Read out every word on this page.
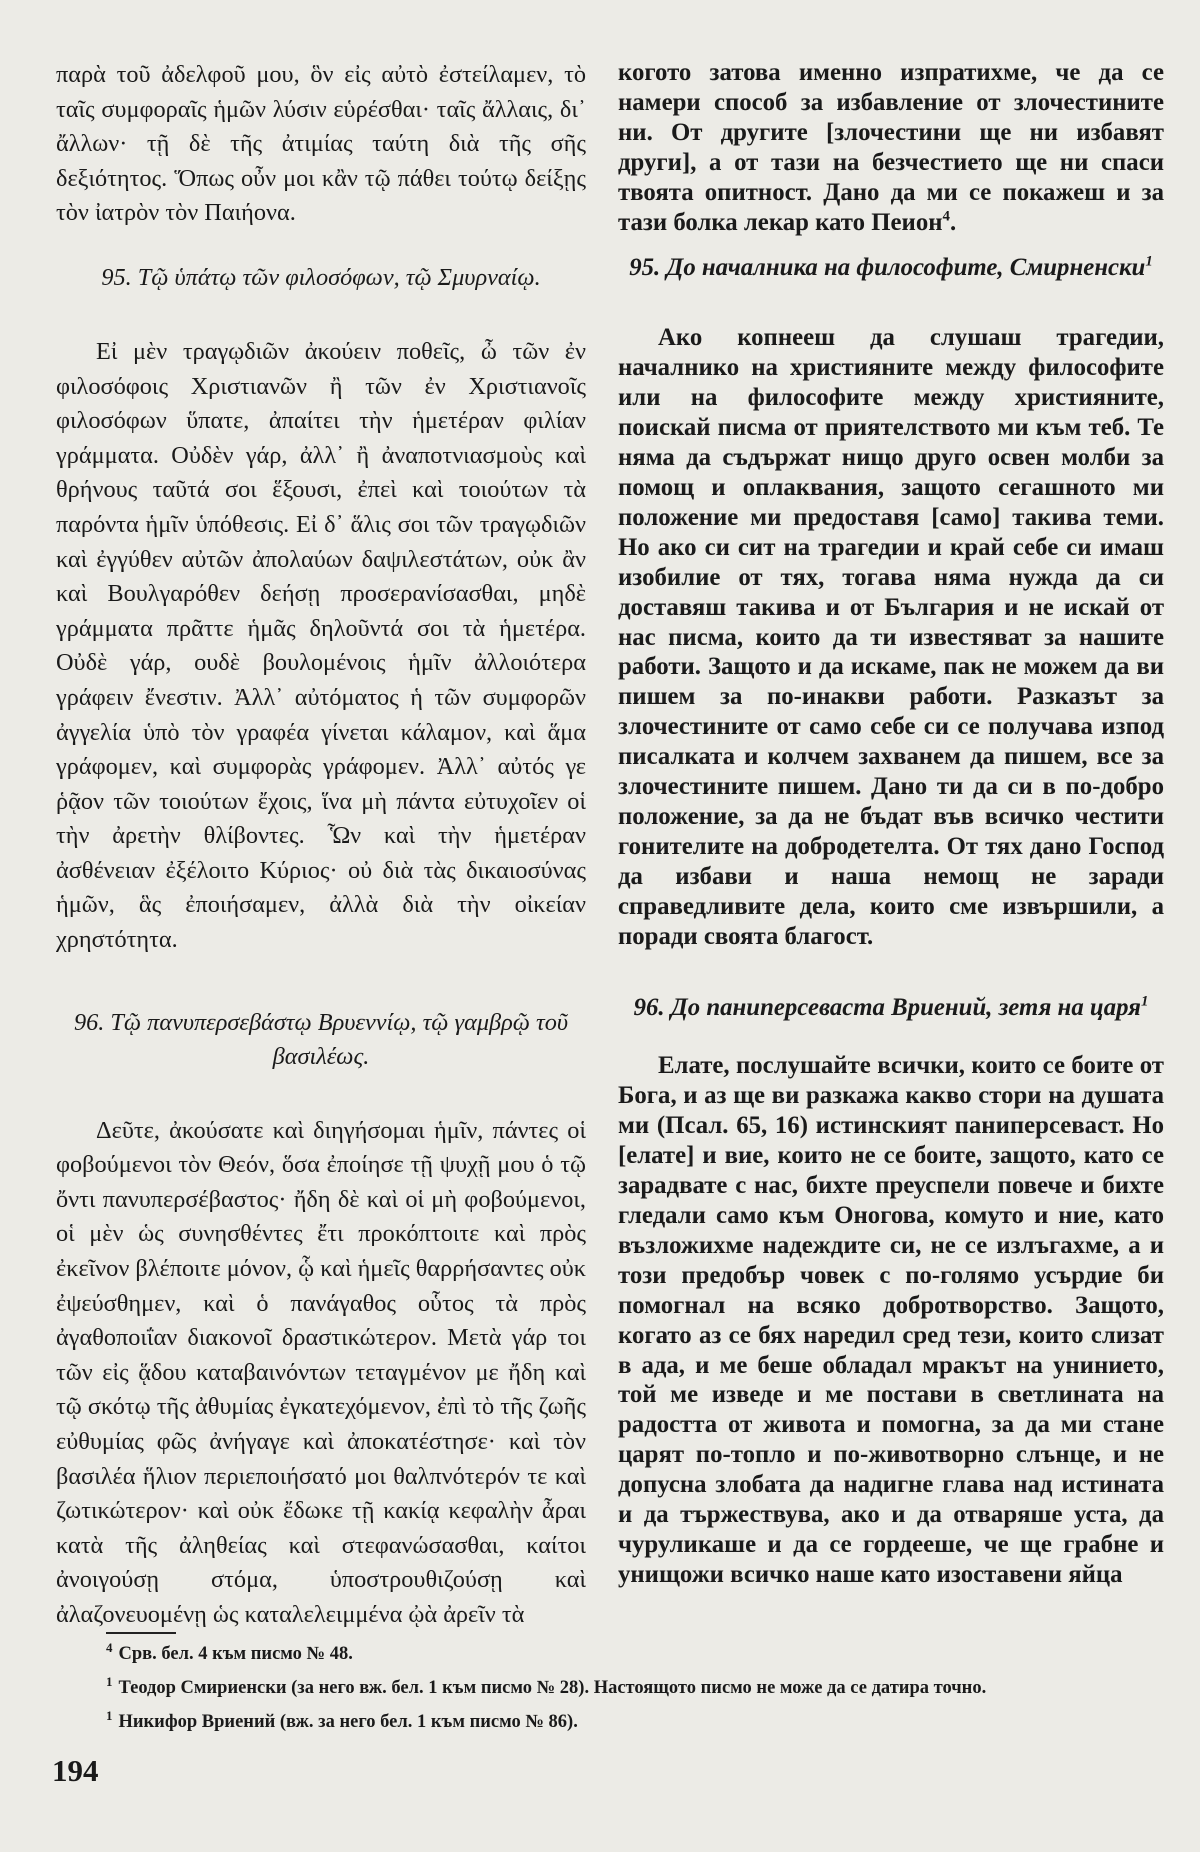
παρὰ τοῦ ἀδελφοῦ μου, ὃν εἰς αὐτὸ ἐστείλαμεν, τὸ ταῖς συμφοραῖς ἡμῶν λύσιν εὑρέσθαι· ταῖς ἄλλαις, δι᾽ ἄλλων· τῇ δὲ τῆς ἀτιμίας ταύτη διὰ τῆς σῆς δεξιότητος. Ὅπως οὖν μοι κἂν τῷ πάθει τούτῳ δείξῃς τὸν ἰατρὸν τὸν Παιήονα.

95. Τῷ ὑπάτῳ τῶν φιλοσόφων, τῷ Σμυρναίῳ.

Εἰ μὲν τραγῳδιῶν ἀκούειν ποθεῖς, ὦ τῶν ἐν φιλοσόφοις Χριστιανῶν ἢ τῶν ἐν Χριστιανοῖς φιλοσόφων ὕπατε, ἀπαίτει τὴν ἡμετέραν φιλίαν γράμματα. Οὐδὲν γάρ, ἀλλ᾽ ἢ ἀναποτνιασμοὺς καὶ θρήνους ταῦτά σοι ἕξουσι, ἐπεὶ καὶ τοιούτων τὰ παρόντα ἡμῖν ὑπόθεσις. Εἰ δ᾽ ἅλις σοι τῶν τραγῳδιῶν καὶ ἐγγύθεν αὐτῶν ἀπολαύων δαψιλεστάτων, οὐκ ἂν καὶ Βουλγαρόθεν δεήσῃ προσερανίσασθαι, μηδὲ γράμματα πρᾶττε ἡμᾶς δηλοῦντά σοι τὰ ἡμετέρα. Οὐδὲ γάρ, ουδὲ βουλομένοις ἡμῖν ἀλλοιότερα γράφειν ἔνεστιν. Ἀλλ᾽ αὐτόματος ἡ τῶν συμφορῶν ἀγγελία ὑπὸ τὸν γραφέα γίνεται κάλαμον, καὶ ἅμα γράφομεν, καὶ συμφορὰς γράφομεν. Ἀλλ᾽ αὐτός γε ῥᾷον τῶν τοιούτων ἔχοις, ἵνα μὴ πάντα εὐτυχοῖεν οἱ τὴν ἀρετὴν θλίβοντες. Ὧν καὶ τὴν ἡμετέραν ἀσθένειαν ἐξέλοιτο Κύριος· οὐ διὰ τὰς δικαιοσύνας ἡμῶν, ἃς ἐποιήσαμεν, ἀλλὰ διὰ τὴν οἰκείαν χρηστότητα.

96. Τῷ πανυπερσεβάστῳ Βρυεννίῳ, τῷ γαμβρῷ τοῦ βασιλέως.

Δεῦτε, ἀκούσατε καὶ διηγήσομαι ἡμῖν, πάντες οἱ φοβούμενοι τὸν Θεόν, ὅσα ἐποίησε τῇ ψυχῇ μου ὁ τῷ ὄντι πανυπερσέβαστος· ἤδη δὲ καὶ οἱ μὴ φοβούμενοι, οἱ μὲν ὡς συνησθέντες ἔτι προκόπτοιτε καὶ πρὸς ἐκεῖνον βλέποιτε μόνον, ᾧ καὶ ἡμεῖς θαρρήσαντες οὐκ ἐψεύσθημεν, καὶ ὁ πανάγαθος οὗτος τὰ πρὸς ἀγαθοποιΐαν διακονοῖ δραστικώτερον. Μετὰ γάρ τοι τῶν εἰς ᾅδου καταβαινόντων τεταγμένον με ἤδη καὶ τῷ σκότῳ τῆς ἀθυμίας ἐγκατεχόμενον, ἐπὶ τὸ τῆς ζωῆς εὐθυμίας φῶς ἀνήγαγε καὶ ἀποκατέστησε· καὶ τὸν βασιλέα ἥλιον περιεποιήσατό μοι θαλπνότερόν τε καὶ ζωτικώτερον· καὶ οὐκ ἔδωκε τῇ κακίᾳ κεφαλὴν ἆραι κατὰ τῆς ἀληθείας καὶ στεφανώσασθαι, καίτοι ἀνοιγούσῃ στόμα, ὑποστρουθιζούσῃ καὶ ἀλαζονευομένῃ ὡς καταλελειμμένα ᾠὰ ἀρεῖν τὰ

когото затова именно изпратихме, че да се намери способ за избавление от злочестините ни. От другите [злочестини ще ни избавят други], а от тази на безчестието ще ни спаси твоята опитност. Дано да ми се покажеш и за тази болка лекар като Пеион$^4$.

95. До началника на философите, Смирненски$^1$

Ако копнееш да слушаш трагедии, началнико на християните между философите или на философите между християните, поискай писма от приятелството ми към теб. Те няма да съдържат нищо друго освен молби за помощ и оплаквания, защото сегашното ми положение ми предоставя [само] такива теми. Но ако си сит на трагедии и край себе си имаш изобилие от тях, тогава няма нужда да си доставяш такива и от България и не искай от нас писма, които да ти известяват за нашите работи. Защото и да искаме, пак не можем да ви пишем за по-инакви работи. Разказът за злочестините от само себе си се получава изпод писалката и колчем захванем да пишем, все за злочестините пишем. Дано ти да си в по-добро положение, за да не бъдат във всичко честити гонителите на добродетелта. От тях дано Господ да избави и наша немощ не заради справедливите дела, които сме извършили, а поради своята благост.

96. До паниперсеваста Вриений, зетя на царя$^1$

Елате, послушайте всички, които се боите от Бога, и аз ще ви разкажа какво стори на душата ми (Псал. 65, 16) истинският паниперсеваст. Но [елате] и вие, които не се боите, защото, като се зарадвате с нас, бихте преуспели повече и бихте гледали само към Оногова, комуто и ние, като възложихме надеждите си, не се излъгахме, а и този предобър човек с по-голямо усърдие би помогнал на всяко добротворство. Защото, когато аз се бях наредил сред тези, които слизат в ада, и ме беше обладал мракът на унинието, той ме изведе и ме постави в светлината на радостта от живота и помогна, за да ми стане царят по-топло и по-животворно слънце, и не допусна злобата да надигне глава над истината и да тържествува, ако и да отваряше уста, да чуруликаше и да се гордееше, че ще грабне и унищожи всичко наше като изоставени яйца

$^4$ Срв. бел. 4 към писмо № 48.

$^1$ Теодор Смириенски (за него вж. бел. 1 към писмо № 28). Настоящото писмо не може да се датира точно.

$^1$ Никифор Вриений (вж. за него бел. 1 към писмо № 86).

194
